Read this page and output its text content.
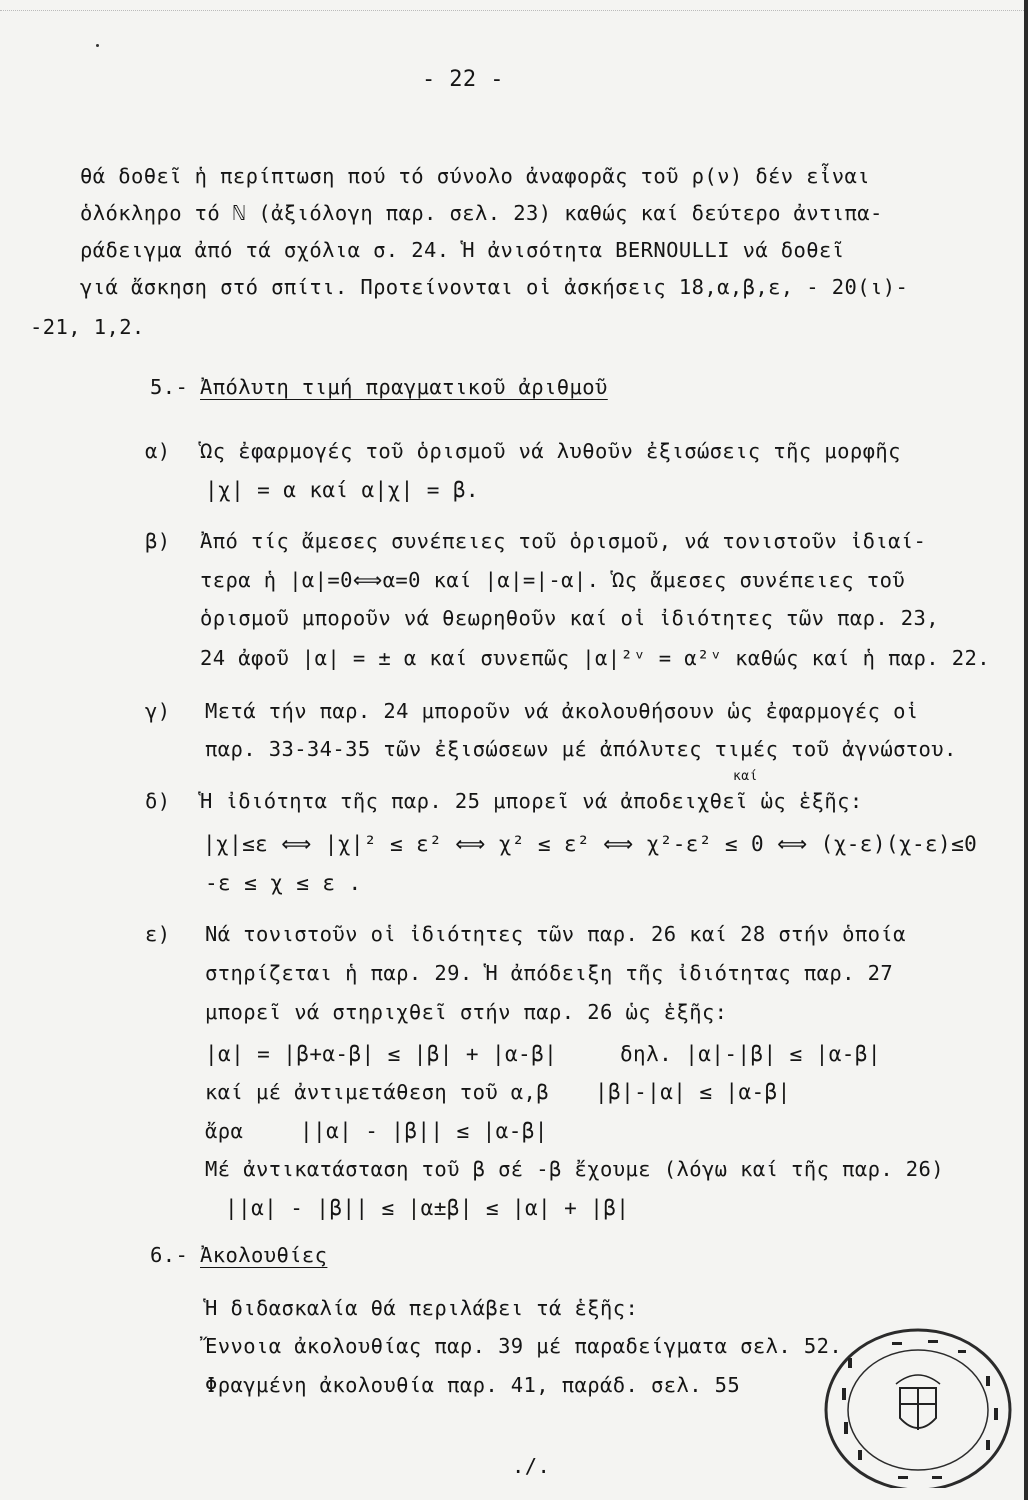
- 22 -
θά δοθεῖ ἡ περίπτωση πού τό σύνολο ἀναφορᾶς τοῦ ρ(ν) δέν εἶναι
ὁλόκληρο τό ℕ (ἀξιόλογη παρ. σελ. 23) καθώς καί δεύτερο ἀντιπα-
ράδειγμα ἀπό τά σχόλια σ. 24. Ἡ ἀνισότητα BERNOULLI νά δοθεῖ
γιά ἄσκηση στό σπίτι. Προτείνονται οἱ ἀσκήσεις 18,α,β,ε, - 20(ι)-
-21, 1,2.
5.- Ἀπόλυτη τιμή πραγματικοῦ ἀριθμοῦ
α) Ὡς ἐφαρμογές τοῦ ὁρισμοῦ νά λυθοῦν ἐξισώσεις τῆς μορφῆς
|χ| = α καί α|χ| = β.
β) Ἀπό τίς ἄμεσες συνέπειες τοῦ ὁρισμοῦ, νά τονιστοῦν ἰδιαί-
τερα ἡ |α|=0⟺α=0 καί |α|=|-α|. Ὡς ἄμεσες συνέπειες τοῦ
ὁρισμοῦ μποροῦν νά θεωρηθοῦν καί οἱ ἰδιότητες τῶν παρ. 23,
24 ἀφοῦ |α| = ± α καί συνεπῶς |α|²ᵛ = α²ᵛ καθώς καί ἡ παρ. 22.
γ) Μετά τήν παρ. 24 μποροῦν νά ἀκολουθήσουν ὡς ἐφαρμογές οἱ
παρ. 33-34-35 τῶν ἐξισώσεων μέ ἀπόλυτες τιμές τοῦ ἀγνώστου.
καί
δ) Ἡ ἰδιότητα τῆς παρ. 25 μπορεῖ νά ἀποδειχθεῖ ὡς ἑξῆς:
|χ|≤ε ⟺ |χ|² ≤ ε² ⟺ χ² ≤ ε² ⟺ χ²-ε² ≤ 0 ⟺ (χ-ε)(χ-ε)≤0
-ε ≤ χ ≤ ε .
ε) Νά τονιστοῦν οἱ ἰδιότητες τῶν παρ. 26 καί 28 στήν ὁποία
στηρίζεται ἡ παρ. 29. Ἡ ἀπόδειξη τῆς ἰδιότητας παρ. 27
μπορεῖ νά στηριχθεῖ στήν παρ. 26 ὡς ἑξῆς:
|α| = |β+α-β| ≤ |β| + |α-β|	δηλ. |α|-|β| ≤ |α-β|
καί μέ ἀντιμετάθεση τοῦ α,β |β|-|α| ≤ |α-β|
ἄρα	||α| - |β|| ≤ |α-β|
Μέ ἀντικατάσταση τοῦ β σέ -β ἔχουμε (λόγω καί τῆς παρ. 26)
||α| - |β|| ≤ |α±β| ≤ |α| + |β|
6.- Ἀκολουθίες
Ἡ διδασκαλία θά περιλάβει τά ἑξῆς:
Ἔννοια ἀκολουθίας παρ. 39 μέ παραδείγματα σελ. 52.
Φραγμένη ἀκολουθία παρ. 41, παράδ. σελ. 55
./.
